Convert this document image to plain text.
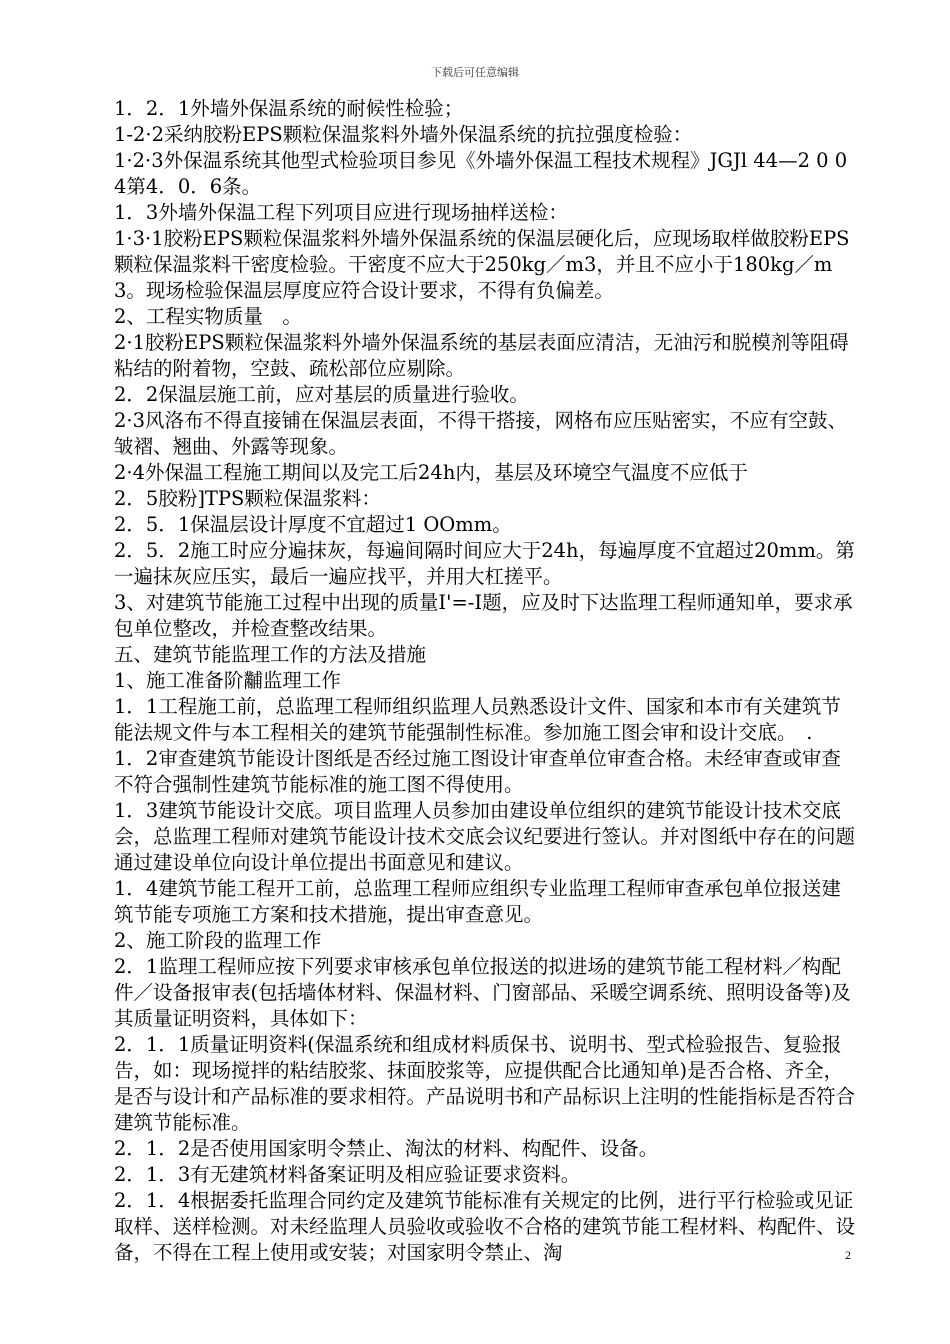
下载后可任意编辑

1．2．1外墙外保温系统的耐候性检验；

1-2·2采纳胶粉EPS颗粒保温浆料外墙外保温系统的抗拉强度检验：

1·2·3外保温系统其他型式检验项目参见《外墙外保温工程技术规程》JGJl 44—2 0 04第4．0．6条。

1．3外墙外保温工程下列项目应进行现场抽样送检：

1·3·1胶粉EPS颗粒保温浆料外墙外保温系统的保温层硬化后，应现场取样做胶粉EPS颗粒保温浆料干密度检验。干密度不应大于250kg／m3，并且不应小于180kg／m3。现场检验保温层厚度应符合设计要求，不得有负偏差。

2、工程实物质量　。

2·1胶粉EPS颗粒保温浆料外墙外保温系统的基层表面应清洁，无油污和脱模剂等阻碍粘结的附着物，空鼓、疏松部位应剔除。

2．2保温层施工前，应对基层的质量进行验收。

2·3风洛布不得直接铺在保温层表面，不得干搭接，网格布应压贴密实，不应有空鼓、皱褶、翘曲、外露等现象。

2·4外保温工程施工期间以及完工后24h内，基层及环境空气温度不应低于

2．5胶粉]TPS颗粒保温浆料：

2．5．1保温层设计厚度不宜超过1 OOmm。

2．5．2施工时应分遍抹灰，每遍间隔时间应大于24h，每遍厚度不宜超过20mm。第一遍抹灰应压实，最后一遍应找平，并用大杠搓平。

3、对建筑节能施工过程中出现的质量I'=-I题，应及时下达监理工程师通知单，要求承包单位整改，并检查整改结果。

五、建筑节能监理工作的方法及措施

1、施工准备阶黼监理工作

1．1工程施工前，总监理工程师组织监理人员熟悉设计文件、国家和本市有关建筑节能法规文件与本工程相关的建筑节能强制性标准。参加施工图会审和设计交底。　.

1．2审查建筑节能设计图纸是否经过施工图设计审查单位审查合格。未经审查或审查不符合强制性建筑节能标准的施工图不得使用。

1．3建筑节能设计交底。项目监理人员参加由建设单位组织的建筑节能设计技术交底会，总监理工程师对建筑节能设计技术交底会议纪要进行签认。并对图纸中存在的问题通过建设单位向设计单位提出书面意见和建议。

1．4建筑节能工程开工前，总监理工程师应组织专业监理工程师审查承包单位报送建筑节能专项施工方案和技术措施，提出审查意见。

2、施工阶段的监理工作

2．1监理工程师应按下列要求审核承包单位报送的拟进场的建筑节能工程材料／构配件／设备报审表(包括墙体材料、保温材料、门窗部品、采暖空调系统、照明设备等)及其质量证明资料，具体如下：

2．1．1质量证明资料(保温系统和组成材料质保书、说明书、型式检验报告、复验报告，如：现场搅拌的粘结胶浆、抹面胶浆等，应提供配合比通知单)是否合格、齐全，是否与设计和产品标准的要求相符。产品说明书和产品标识上注明的性能指标是否符合建筑节能标准。

2．1．2是否使用国家明令禁止、淘汰的材料、构配件、设备。

2．1．3有无建筑材料备案证明及相应验证要求资料。

2．1．4根据委托监理合同约定及建筑节能标准有关规定的比例，进行平行检验或见证取样、送样检测。对未经监理人员验收或验收不合格的建筑节能工程材料、构配件、设备，不得在工程上使用或安装；对国家明令禁止、淘	2
